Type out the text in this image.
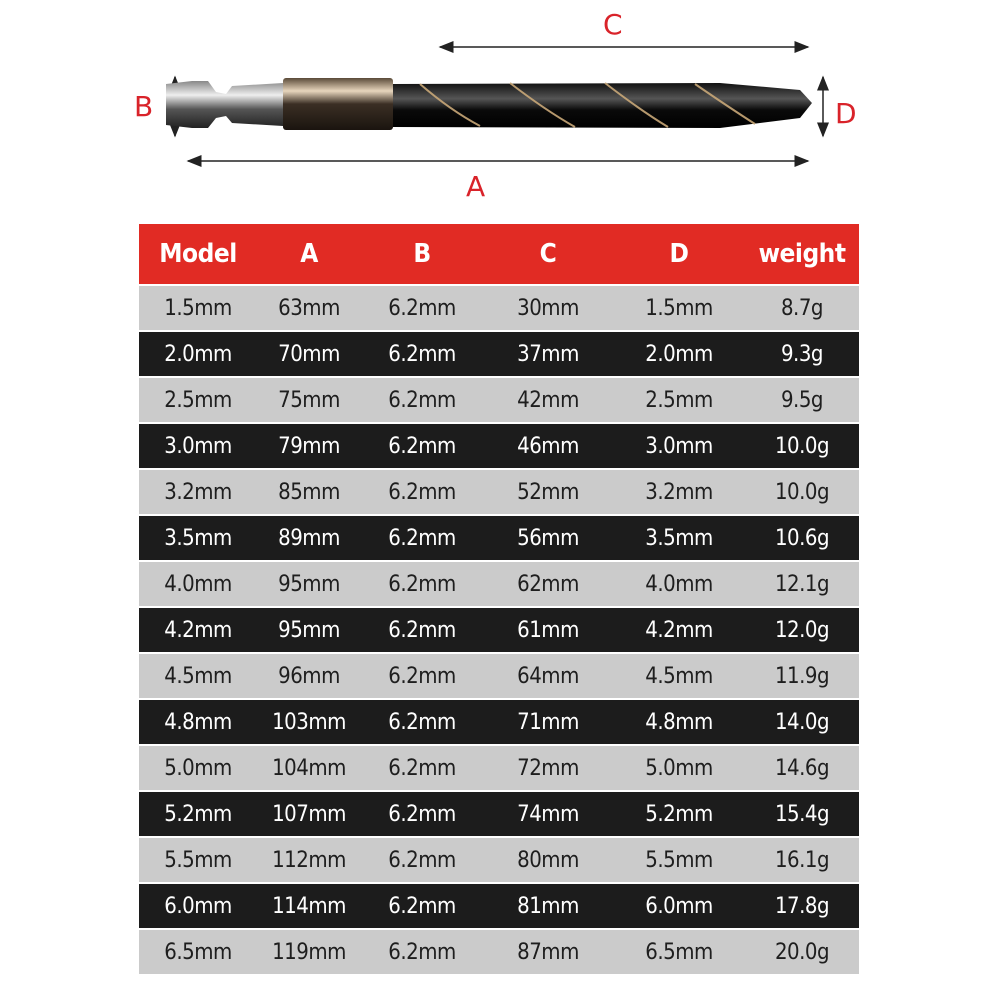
C
A
B	D
Model	A	B	C	D	weight
1.5mm	63mm	6.2mm	30mm	1.5mm	8.7g
2.0mm	70mm	6.2mm	37mm	2.0mm	9.3g
2.5mm	75mm	6.2mm	42mm	2.5mm	9.5g
3.0mm	79mm	6.2mm	46mm	3.0mm	10.0g
3.2mm	85mm	6.2mm	52mm	3.2mm	10.0g
3.5mm	89mm	6.2mm	56mm	3.5mm	10.6g
4.0mm	95mm	6.2mm	62mm	4.0mm	12.1g
4.2mm	95mm	6.2mm	61mm	4.2mm	12.0g
4.5mm	96mm	6.2mm	64mm	4.5mm	11.9g
4.8mm	103mm	6.2mm	71mm	4.8mm	14.0g
5.0mm	104mm	6.2mm	72mm	5.0mm	14.6g
5.2mm	107mm	6.2mm	74mm	5.2mm	15.4g
5.5mm	112mm	6.2mm	80mm	5.5mm	16.1g
6.0mm	114mm	6.2mm	81mm	6.0mm	17.8g
6.5mm	119mm	6.2mm	87mm	6.5mm	20.0g
